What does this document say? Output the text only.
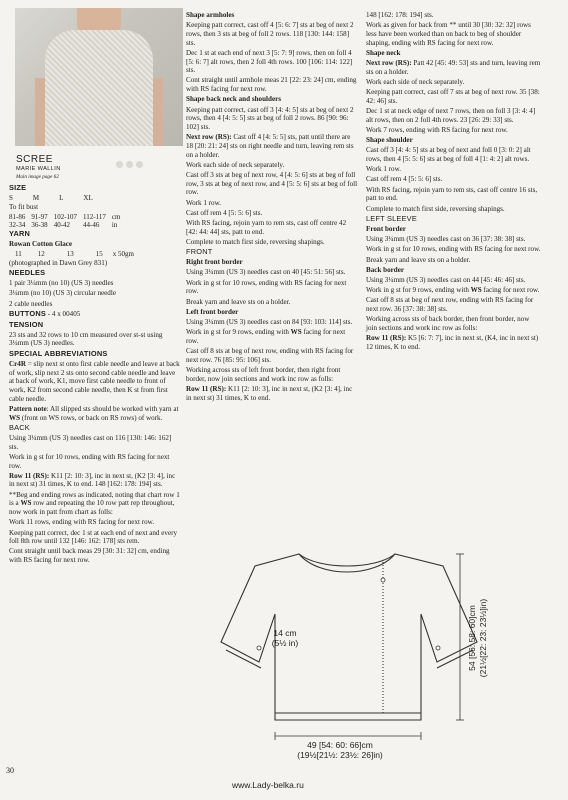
SCREE
MARIE WALLIN
Main image page 62

SIZE

S	M	L	XL	

To fit bust

81-86	91-97	102-107	112-117	cm
32-34	36-38	40-42	44-46	in

YARN

Rowan Cotton Glace

11	12	13	15	x 50gm

(photographed in Dawn Grey 831)

NEEDLES

1 pair 3¼mm (no 10) (US 3) needles

3¼mm (no 10) (US 3) circular needle

2 cable needles

BUTTONS - 4 x 00405

TENSION

23 sts and 32 rows to 10 cm measured over st-st using 3¼mm (US 3) needles.

SPECIAL ABBREVIATIONS

Cr4R = slip next st onto first cable needle and leave at back of work, slip next 2 sts onto second cable needle and leave at back of work, K1, move first cable needle to front of work, K2 from second cable needle, then K st from first cable needle.

Pattern note: All slipped sts should be worked with yarn at WS (front on WS rows, or back on RS rows) of work.

BACK

Using 3¼mm (US 3) needles cast on 116 [130: 146: 162] sts.

Work in g st for 10 rows, ending with RS facing for next row.

Row 11 (RS): K11 [2: 10: 3], inc in next st, (K2 [3: 4], inc in next st) 31 times, K to end. 148 [162: 178: 194] sts.

**Beg and ending rows as indicated, noting that chart row 1 is a WS row and repeating the 10 row patt rep throughout, now work in patt from chart as folls:

Work 11 rows, ending with RS facing for next row.

Keeping patt correct, dec 1 st at each end of next and every foll 8th row until 132 [146: 162: 178] sts rem.

Cont straight until back meas 29 [30: 31: 32] cm, ending with RS facing for next row.

Shape armholes

Keeping patt correct, cast off 4 [5: 6: 7] sts at beg of next 2 rows, then 3 sts at beg of foll 2 rows. 118 [130: 144: 158] sts.

Dec 1 st at each end of next 3 [5: 7: 9] rows, then on foll 4 [5: 6: 7] alt rows, then 2 foll 4th rows. 100 [106: 114: 122] sts.

Cont straight until armhole meas 21 [22: 23: 24] cm, ending with RS facing for next row.

Shape back neck and shoulders

Keeping patt correct, cast off 3 [4: 4: 5] sts at beg of next 2 rows, then 4 [4: 5: 5] sts at beg of foll 2 rows. 86 [90: 96: 102] sts.

Next row (RS): Cast off 4 [4: 5: 5] sts, patt until there are 18 [20: 21: 24] sts on right needle and turn, leaving rem sts on a holder.

Work each side of neck separately.

Cast off 3 sts at beg of next row, 4 [4: 5: 6] sts at beg of foll row, 3 sts at beg of next row, and 4 [5: 5: 6] sts at beg of foll row.

Work 1 row.

Cast off rem 4 [5: 5: 6] sts.

With RS facing, rejoin yarn to rem sts, cast off centre 42 [42: 44: 44] sts, patt to end.

Complete to match first side, reversing shapings.

FRONT

Right front border

Using 3¼mm (US 3) needles cast on 40 [45: 51: 56] sts.

Work in g st for 10 rows, ending with RS facing for next row.

Break yarn and leave sts on a holder.

Left front border

Using 3¼mm (US 3) needles cast on 84 [93: 103: 114] sts.

Work in g st for 9 rows, ending with WS facing for next row.

Cast off 8 sts at beg of next row, ending with RS facing for next row. 76 [85: 95: 106] sts.

Working across sts of left front border, then right front border, now join sections and work inc row as folls:

Row 11 (RS): K11 [2: 10: 3], inc in next st, (K2 [3: 4], inc in next st) 31 times, K to end.

148 [162: 178: 194] sts.

Work as given for back from ** until 30 [30: 32: 32] rows less have been worked than on back to beg of shoulder shaping, ending with RS facing for next row.

Shape neck

Next row (RS): Patt 42 [45: 49: 53] sts and turn, leaving rem sts on a holder.

Work each side of neck separately.

Keeping patt correct, cast off 7 sts at beg of next row. 35 [38: 42: 46] sts.

Dec 1 st at neck edge of next 7 rows, then on foll 3 [3: 4: 4] alt rows, then on 2 foll 4th rows. 23 [26: 29: 33] sts.

Work 7 rows, ending with RS facing for next row.

Shape shoulder

Cast off 3 [4: 4: 5] sts at beg of next and foll 0 [3: 0: 2] alt rows, then 4 [5: 5: 6] sts at beg of foll 4 [1: 4: 2] alt rows.

Work 1 row.

Cast off rem 4 [5: 5: 6] sts.

With RS facing, rejoin yarn to rem sts, cast off centre 16 sts, patt to end.

Complete to match first side, reversing shapings.

LEFT SLEEVE

Front border

Using 3¼mm (US 3) needles cast on 36 [37: 38: 38] sts.

Work in g st for 10 rows, ending with RS facing for next row.

Break yarn and leave sts on a holder.

Back border

Using 3¼mm (US 3) needles cast on 44 [45: 46: 46] sts.

Work in g st for 9 rows, ending with WS facing for next row.

Cast off 8 sts at beg of next row, ending with RS facing for next row. 36 [37: 38: 38] sts.

Working across sts of back border, then front border, now join sections and work inc row as folls:

Row 11 (RS): K5 [6: 7: 7], inc in next st, (K4, inc in next st) 12 times, K to end.

54 [56: 58: 60]cm (21½[22: 23: 23½]in)
14 cm
(5½ in)
49 [54: 60: 66]cm
(19½[21½: 23½: 26]in)
30
www.Lady-belka.ru
